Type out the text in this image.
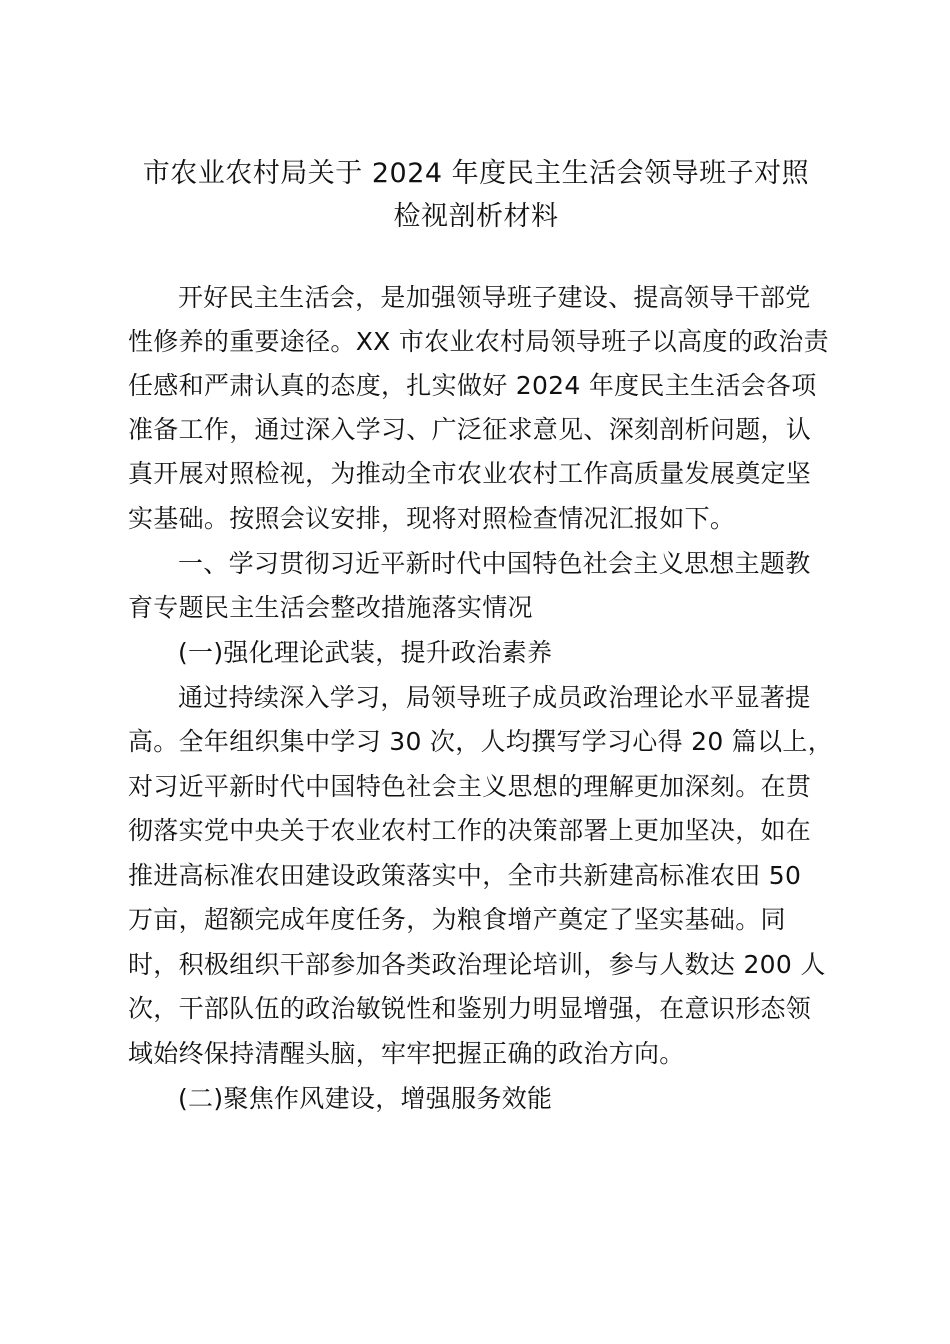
市农业农村局关于 2024 年度民主生活会领导班子对照
检视剖析材料

开好民主生活会，是加强领导班子建设、提高领导干部党

性修养的重要途径。XX 市农业农村局领导班子以高度的政治责

任感和严肃认真的态度，扎实做好 2024 年度民主生活会各项

准备工作，通过深入学习、广泛征求意见、深刻剖析问题，认

真开展对照检视，为推动全市农业农村工作高质量发展奠定坚

实基础。按照会议安排，现将对照检查情况汇报如下。

一、学习贯彻习近平新时代中国特色社会主义思想主题教

育专题民主生活会整改措施落实情况

(一)强化理论武装，提升政治素养

通过持续深入学习，局领导班子成员政治理论水平显著提

高。全年组织集中学习 30 次，人均撰写学习心得 20 篇以上，

对习近平新时代中国特色社会主义思想的理解更加深刻。在贯

彻落实党中央关于农业农村工作的决策部署上更加坚决，如在

推进高标准农田建设政策落实中，全市共新建高标准农田 50

万亩，超额完成年度任务，为粮食增产奠定了坚实基础。同

时，积极组织干部参加各类政治理论培训，参与人数达 200 人

次，干部队伍的政治敏锐性和鉴别力明显增强，在意识形态领

域始终保持清醒头脑，牢牢把握正确的政治方向。

(二)聚焦作风建设，增强服务效能
